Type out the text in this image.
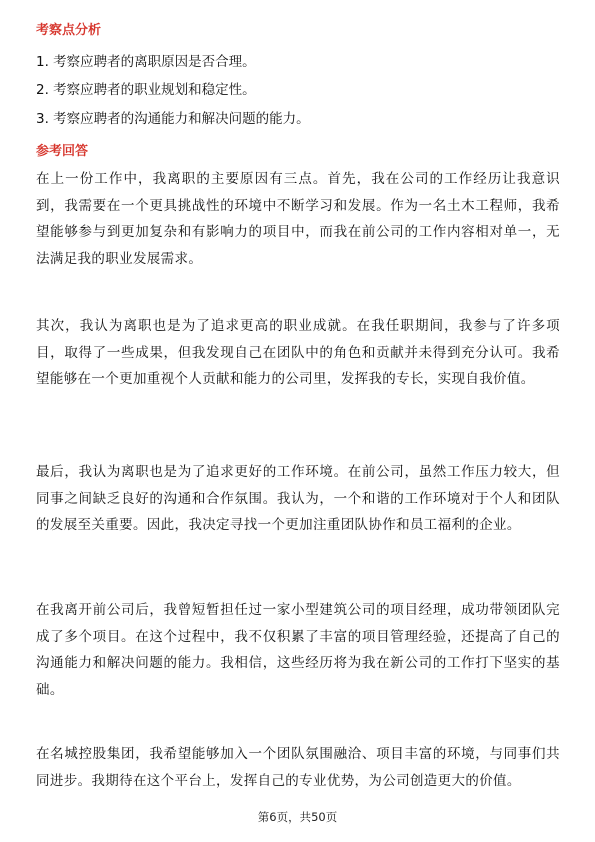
考察点分析
1. 考察应聘者的离职原因是否合理。
2. 考察应聘者的职业规划和稳定性。
3. 考察应聘者的沟通能力和解决问题的能力。
参考回答
在上一份工作中，我离职的主要原因有三点。首先，我在公司的工作经历让我意识到，我需要在一个更具挑战性的环境中不断学习和发展。作为一名土木工程师，我希望能够参与到更加复杂和有影响力的项目中，而我在前公司的工作内容相对单一，无法满足我的职业发展需求。
其次，我认为离职也是为了追求更高的职业成就。在我任职期间，我参与了许多项目，取得了一些成果，但我发现自己在团队中的角色和贡献并未得到充分认可。我希望能够在一个更加重视个人贡献和能力的公司里，发挥我的专长，实现自我价值。
最后，我认为离职也是为了追求更好的工作环境。在前公司，虽然工作压力较大，但同事之间缺乏良好的沟通和合作氛围。我认为，一个和谐的工作环境对于个人和团队的发展至关重要。因此，我决定寻找一个更加注重团队协作和员工福利的企业。
在我离开前公司后，我曾短暂担任过一家小型建筑公司的项目经理，成功带领团队完成了多个项目。在这个过程中，我不仅积累了丰富的项目管理经验，还提高了自己的沟通能力和解决问题的能力。我相信，这些经历将为我在新公司的工作打下坚实的基础。
在名城控股集团，我希望能够加入一个团队氛围融洽、项目丰富的环境，与同事们共同进步。我期待在这个平台上，发挥自己的专业优势，为公司创造更大的价值。
第6页，共50页
